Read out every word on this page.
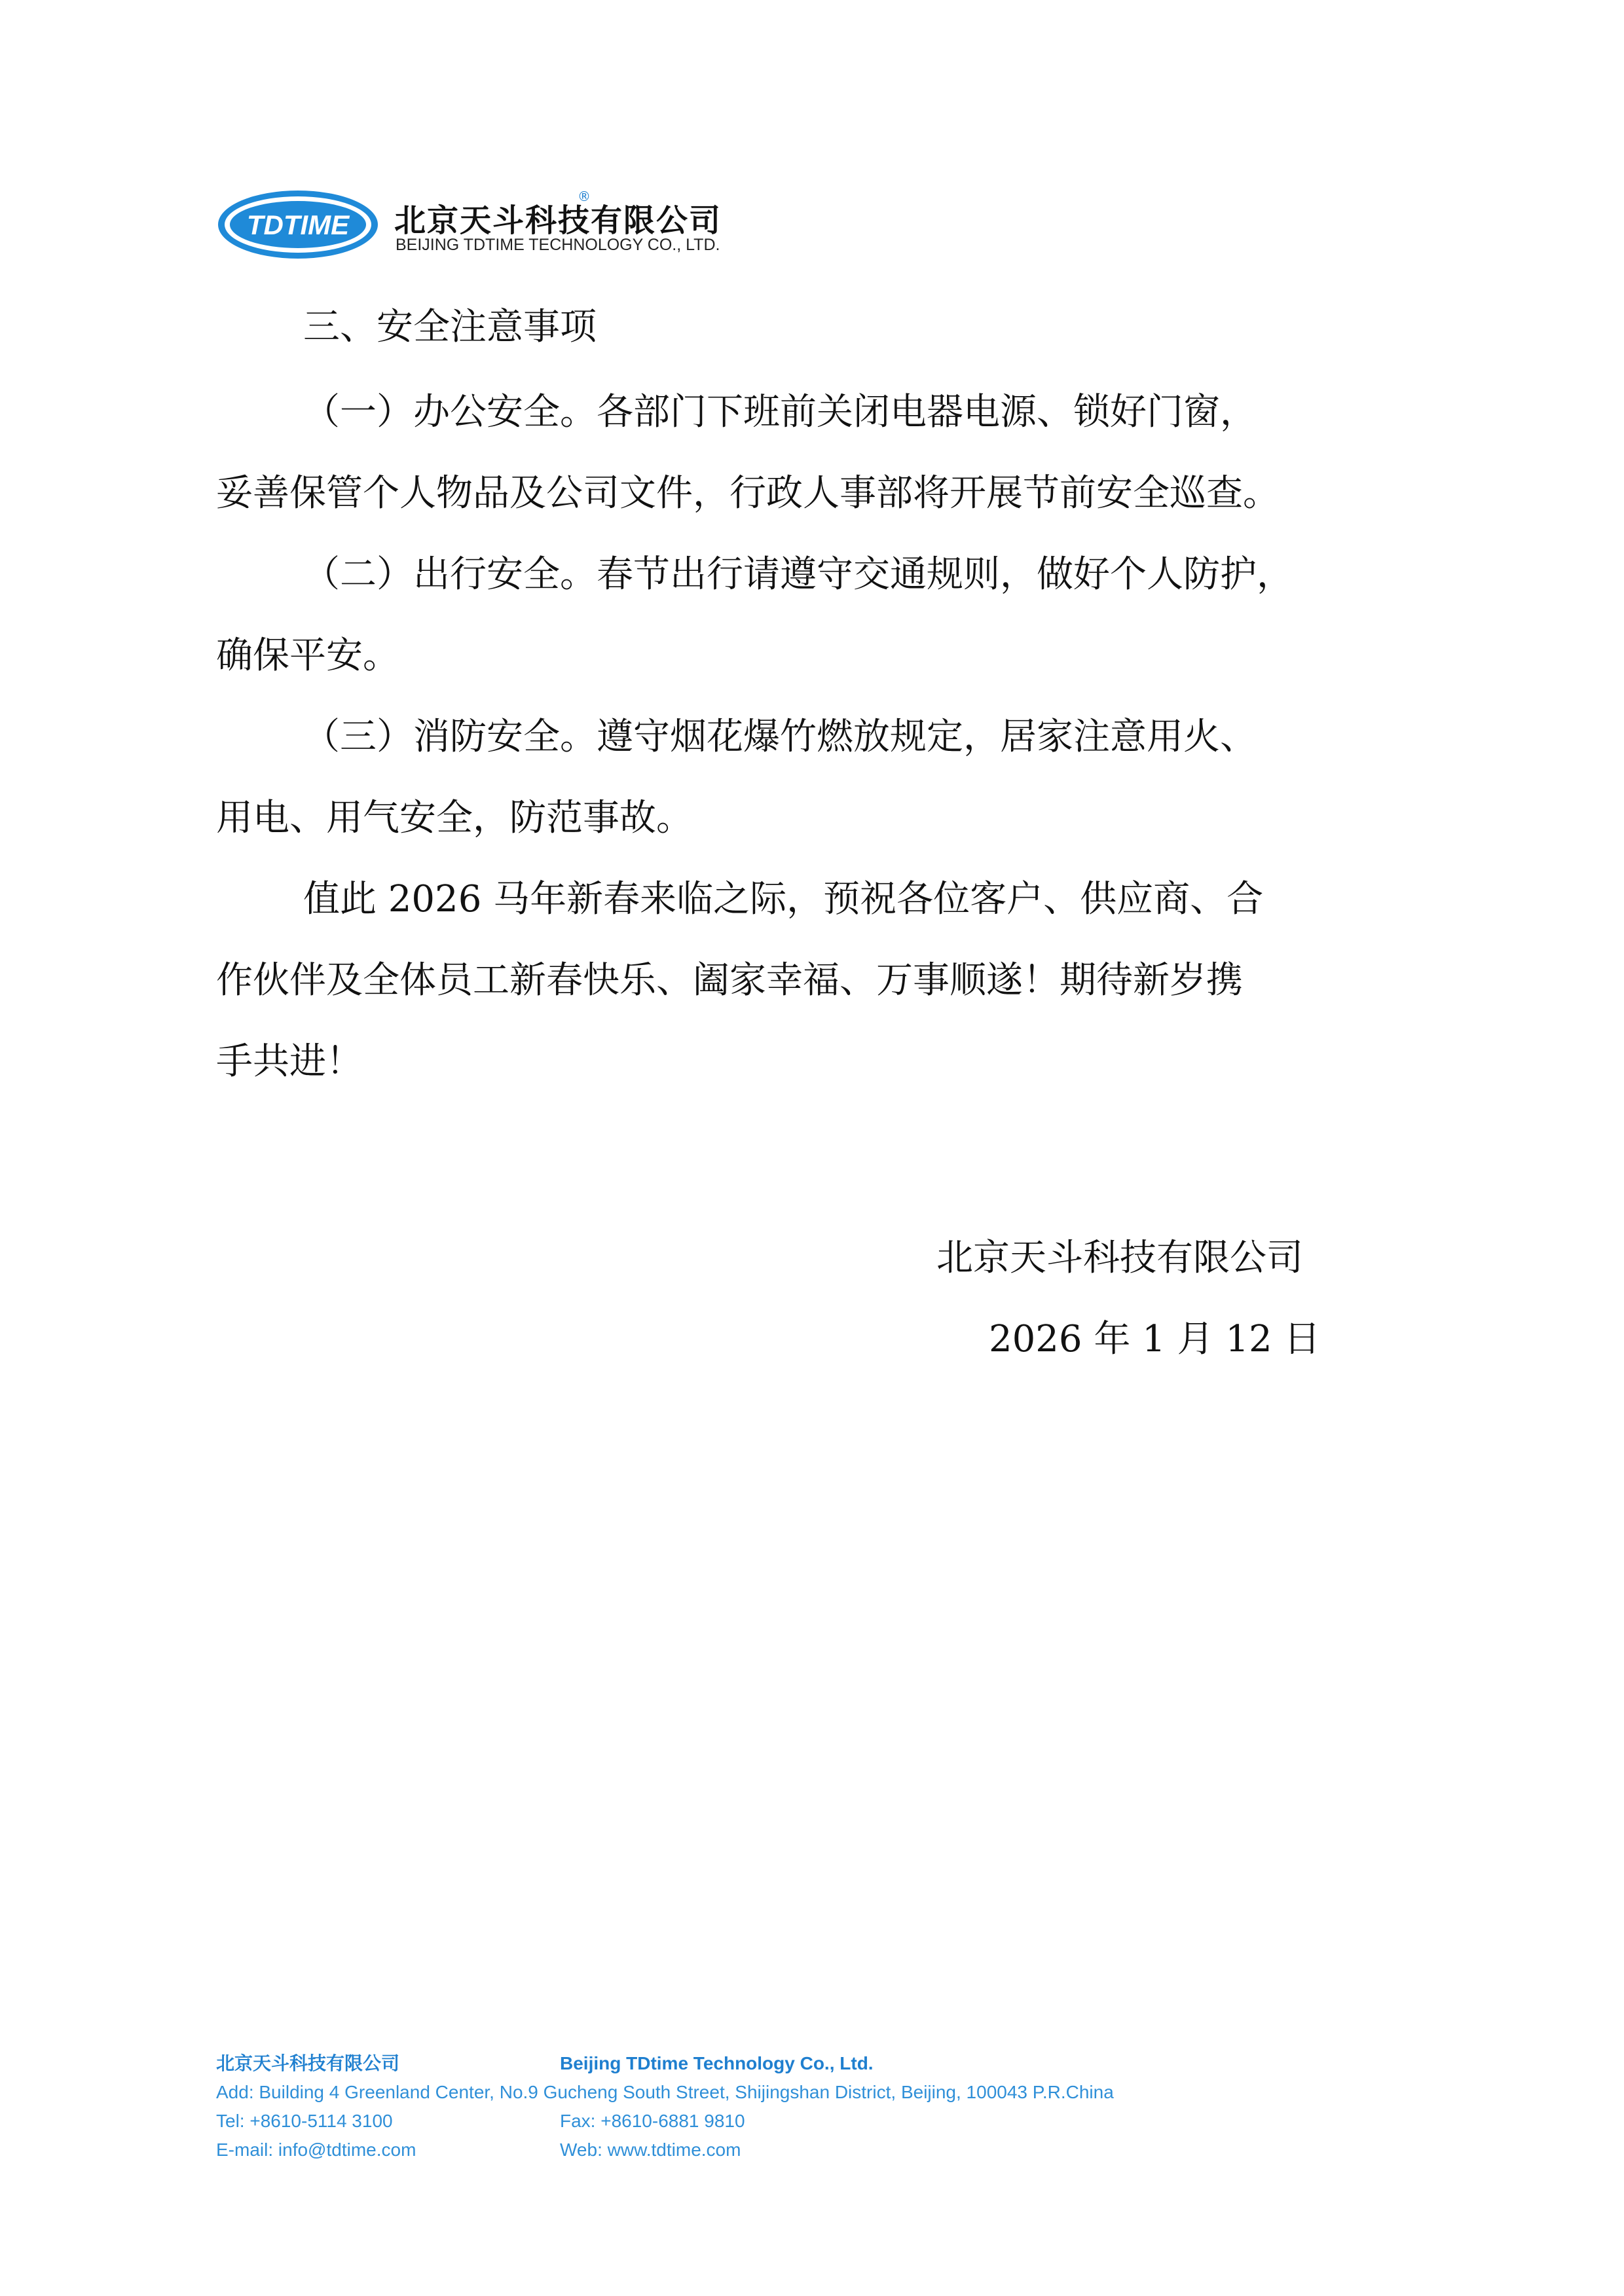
TDTIME
®
北京天斗科技有限公司
BEIJING TDTIME TECHNOLOGY CO., LTD.
三、安全注意事项

（一）办公安全。各部门下班前关闭电器电源、锁好门窗，
妥善保管个人物品及公司文件，行政人事部将开展节前安全巡查。

（二）出行安全。春节出行请遵守交通规则，做好个人防护，
确保平安。

（三）消防安全。遵守烟花爆竹燃放规定，居家注意用火、
用电、用气安全，防范事故。

值此 2026 马年新春来临之际，预祝各位客户、供应商、合
作伙伴及全体员工新春快乐、阖家幸福、万事顺遂！期待新岁携
手共进！

北京天斗科技有限公司
2026 年 1 月 12 日
北京天斗科技有限公司	Beijing TDtime Technology Co., Ltd.
Add: Building 4 Greenland Center, No.9 Gucheng South Street, Shijingshan District, Beijing, 100043 P.R.China
Tel: +8610-5114 3100	Fax: +8610-6881 9810
E-mail: info@tdtime.com	Web: www.tdtime.com
